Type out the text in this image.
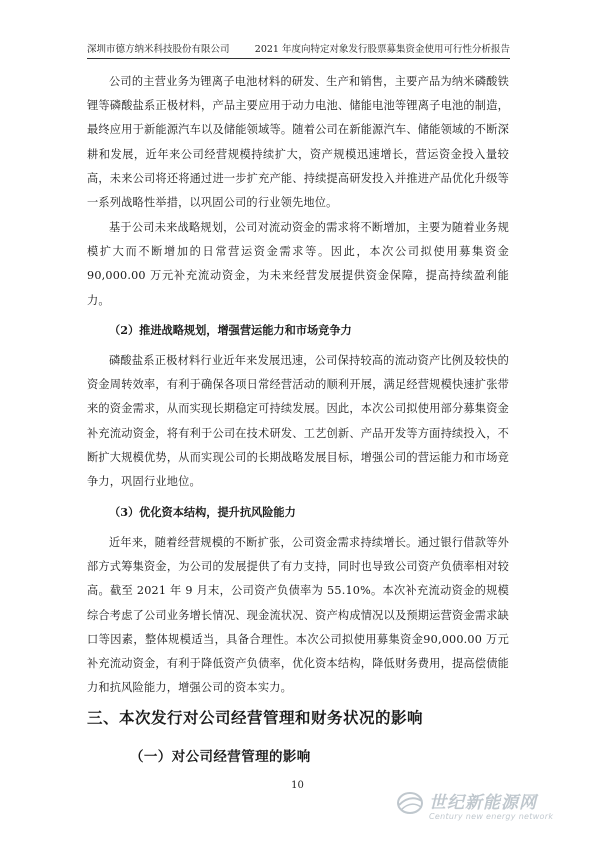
深圳市德方纳米科技股份有限公司	2021 年度向特定对象发行股票募集资金使用可行性分析报告

公司的主营业务为锂离子电池材料的研发、生产和销售，主要产品为纳米磷酸铁锂等磷酸盐系正极材料，产品主要应用于动力电池、储能电池等锂离子电池的制造，最终应用于新能源汽车以及储能领域等。随着公司在新能源汽车、储能领域的不断深耕和发展，近年来公司经营规模持续扩大，资产规模迅速增长，营运资金投入量较高，未来公司将还将通过进一步扩充产能、持续提高研发投入并推进产品优化升级等一系列战略性举措，以巩固公司的行业领先地位。

基于公司未来战略规划，公司对流动资金的需求将不断增加，主要为随着业务规模扩大而不断增加的日常营运资金需求等。因此，本次公司拟使用募集资金90,000.00 万元补充流动资金，为未来经营发展提供资金保障，提高持续盈利能力。

（2）推进战略规划，增强营运能力和市场竞争力

磷酸盐系正极材料行业近年来发展迅速，公司保持较高的流动资产比例及较快的资金周转效率，有利于确保各项日常经营活动的顺利开展，满足经营规模快速扩张带来的资金需求，从而实现长期稳定可持续发展。因此，本次公司拟使用部分募集资金补充流动资金，将有利于公司在技术研发、工艺创新、产品开发等方面持续投入，不断扩大规模优势，从而实现公司的长期战略发展目标，增强公司的营运能力和市场竞争力，巩固行业地位。

（3）优化资本结构，提升抗风险能力

近年来，随着经营规模的不断扩张，公司资金需求持续增长。通过银行借款等外部方式筹集资金，为公司的发展提供了有力支持，同时也导致公司资产负债率相对较高。截至 2021 年 9 月末，公司资产负债率为 55.10%。本次补充流动资金的规模综合考虑了公司业务增长情况、现金流状况、资产构成情况以及预期运营资金需求缺口等因素，整体规模适当，具备合理性。本次公司拟使用募集资金90,000.00 万元补充流动资金，有利于降低资产负债率，优化资本结构，降低财务费用，提高偿债能力和抗风险能力，增强公司的资本实力。

三、本次发行对公司经营管理和财务状况的影响

（一）对公司经营管理的影响

10
世纪新能源网
Century new energy network
